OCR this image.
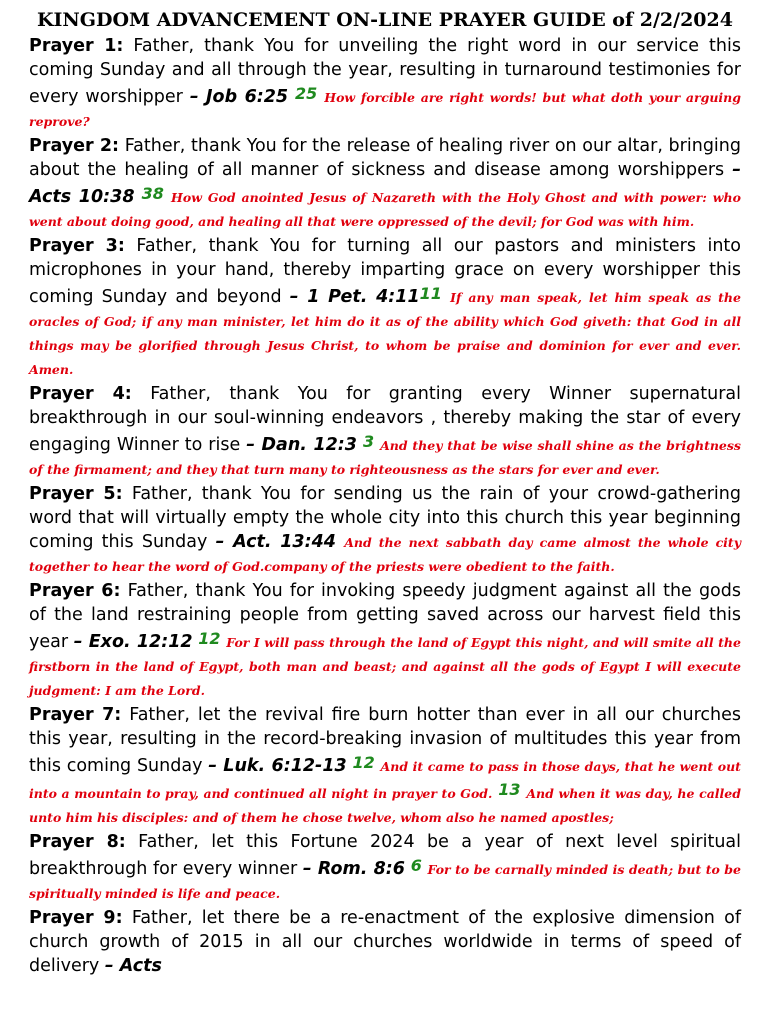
KINGDOM ADVANCEMENT ON-LINE PRAYER GUIDE of 2/2/2024

Prayer 1: Father, thank You for unveiling the right word in our service this coming Sunday and all through the year, resulting in turnaround testimonies for every worshipper – Job 6:25 25 How forcible are right words! but what doth your arguing reprove?

Prayer 2: Father, thank You for the release of healing river on our altar, bringing about the healing of all manner of sickness and disease among worshippers – Acts 10:38 38 How God anointed Jesus of Nazareth with the Holy Ghost and with power: who went about doing good, and healing all that were oppressed of the devil; for God was with him.

Prayer 3: Father, thank You for turning all our pastors and ministers into microphones in your hand, thereby imparting grace on every worshipper this coming Sunday and beyond – 1 Pet. 4:1111 If any man speak, let him speak as the oracles of God; if any man minister, let him do it as of the ability which God giveth: that God in all things may be glorified through Jesus Christ, to whom be praise and dominion for ever and ever. Amen.

Prayer 4: Father, thank You for granting every Winner supernatural breakthrough in our soul-winning endeavors , thereby making the star of every engaging Winner to rise – Dan. 12:3 3 And they that be wise shall shine as the brightness of the firmament; and they that turn many to righteousness as the stars for ever and ever.

Prayer 5: Father, thank You for sending us the rain of your crowd-gathering word that will virtually empty the whole city into this church this year beginning coming this Sunday – Act. 13:44 And the next sabbath day came almost the whole city together to hear the word of God.company of the priests were obedient to the faith.

Prayer 6: Father, thank You for invoking speedy judgment against all the gods of the land restraining people from getting saved across our harvest field this year – Exo. 12:12 12 For I will pass through the land of Egypt this night, and will smite all the firstborn in the land of Egypt, both man and beast; and against all the gods of Egypt I will execute judgment: I am the Lord.

Prayer 7: Father, let the revival fire burn hotter than ever in all our churches this year, resulting in the record-breaking invasion of multitudes this year from this coming Sunday – Luk. 6:12-13 12 And it came to pass in those days, that he went out into a mountain to pray, and continued all night in prayer to God. 13 And when it was day, he called unto him his disciples: and of them he chose twelve, whom also he named apostles;

Prayer 8: Father, let this Fortune 2024 be a year of next level spiritual breakthrough for every winner – Rom. 8:6 6 For to be carnally minded is death; but to be spiritually minded is life and peace.

Prayer 9: Father, let there be a re-enactment of the explosive dimension of church growth of 2015 in all our churches worldwide in terms of speed of delivery – Acts
